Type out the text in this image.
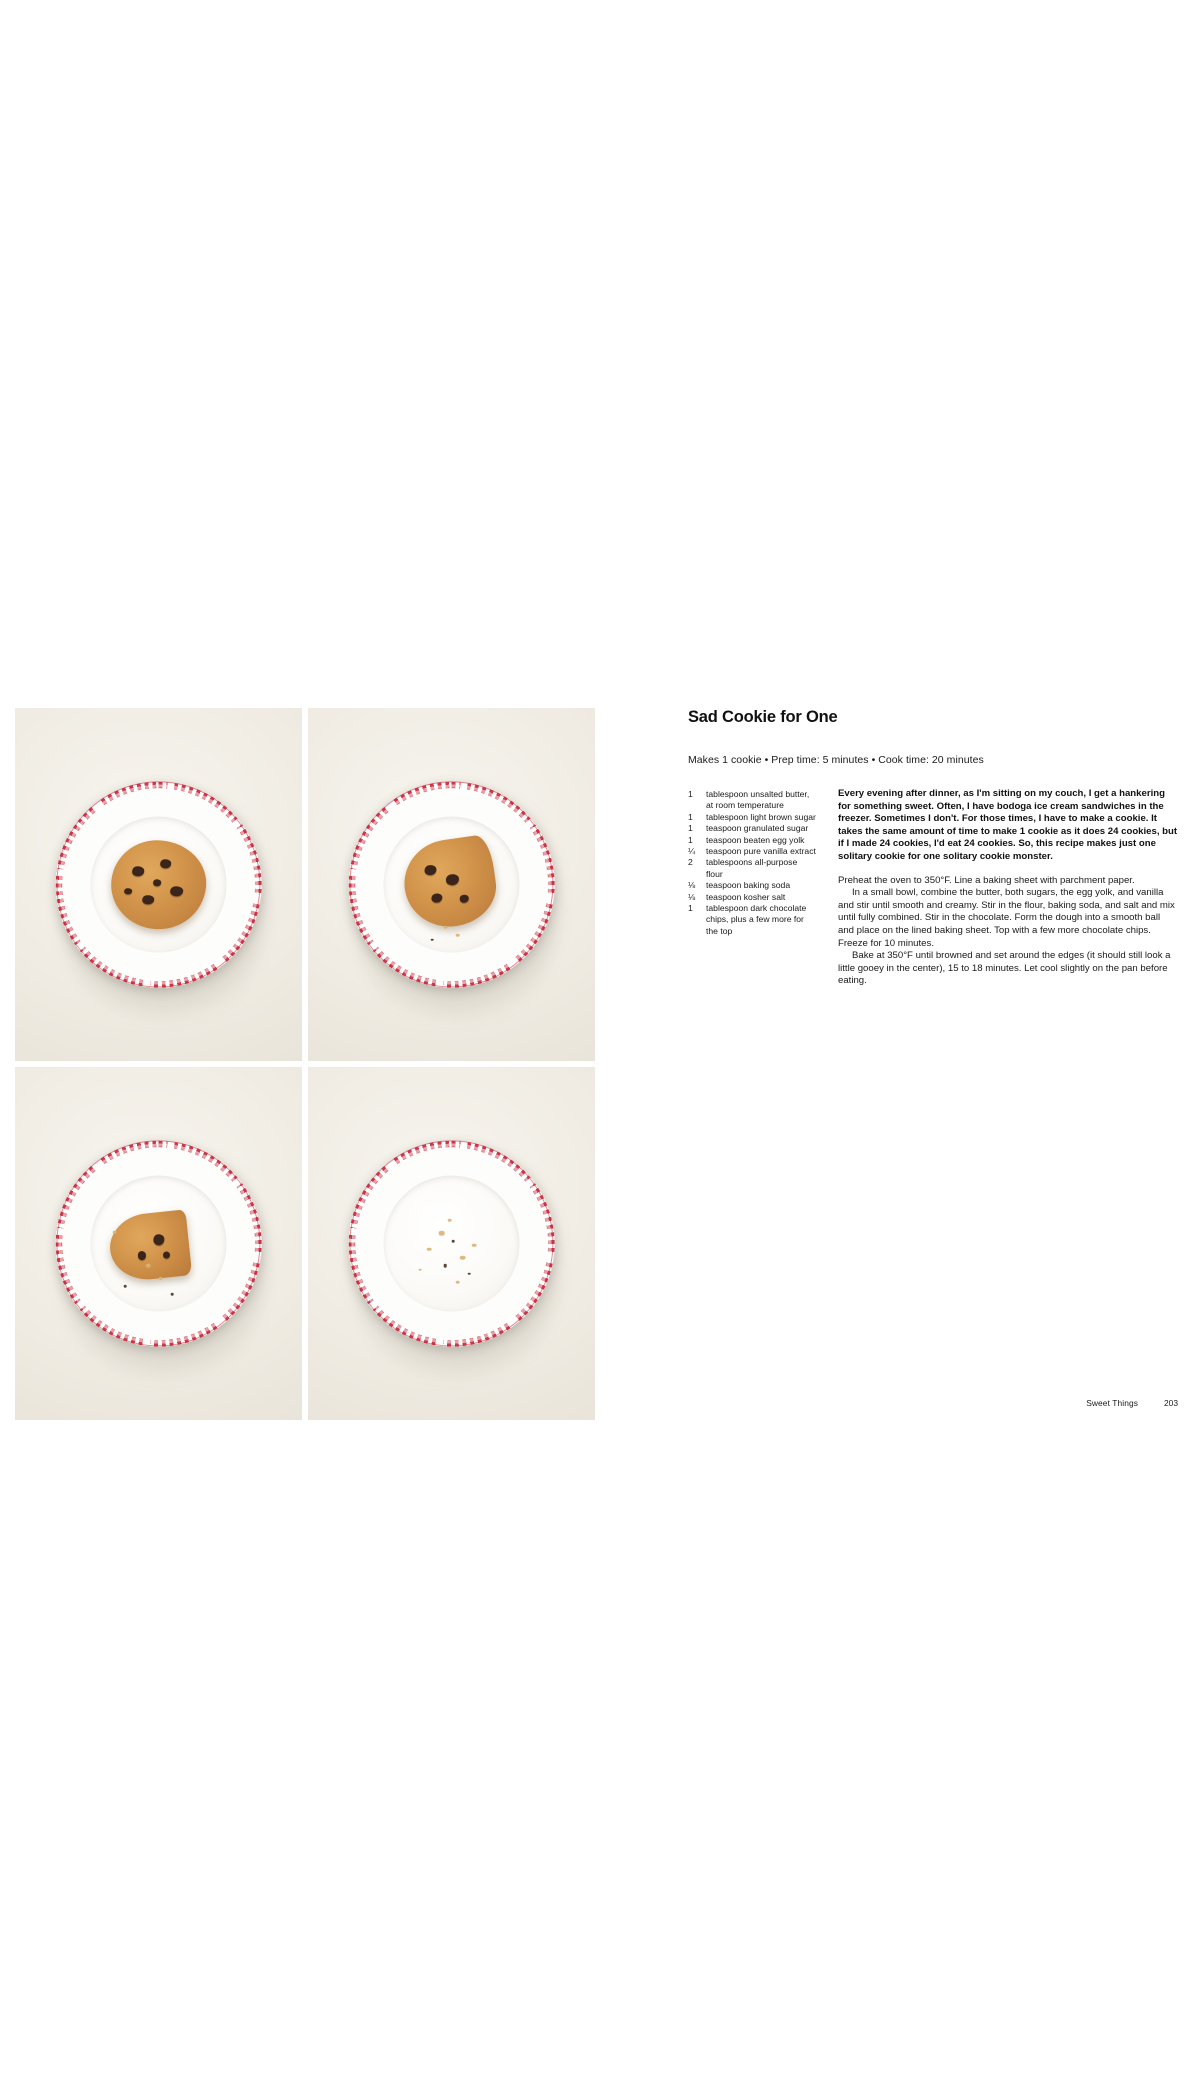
Sad Cookie for One

Makes 1 cookie • Prep time: 5 minutes • Cook time: 20 minutes

1 tablespoon unsalted butter, at room temperature
1 tablespoon light brown sugar
1 teaspoon granulated sugar
1 teaspoon beaten egg yolk
¼ teaspoon pure vanilla extract
2 tablespoons all-purpose flour
⅛ teaspoon baking soda
⅛ teaspoon kosher salt
1 tablespoon dark chocolate chips, plus a few more for the top

Every evening after dinner, as I'm sitting on my couch, I get a hankering for something sweet. Often, I have bodoga ice cream sandwiches in the freezer. Sometimes I don't. For those times, I have to make a cookie. It takes the same amount of time to make 1 cookie as it does 24 cookies, but if I made 24 cookies, I'd eat 24 cookies. So, this recipe makes just one solitary cookie for one solitary cookie monster.

Preheat the oven to 350°F. Line a baking sheet with parchment paper.

In a small bowl, combine the butter, both sugars, the egg yolk, and vanilla and stir until smooth and creamy. Stir in the flour, baking soda, and salt and mix until fully combined. Stir in the chocolate. Form the dough into a smooth ball and place on the lined baking sheet. Top with a few more chocolate chips. Freeze for 10 minutes.

Bake at 350°F until browned and set around the edges (it should still look a little gooey in the center), 15 to 18 minutes. Let cool slightly on the pan before eating.

Sweet Things	203
